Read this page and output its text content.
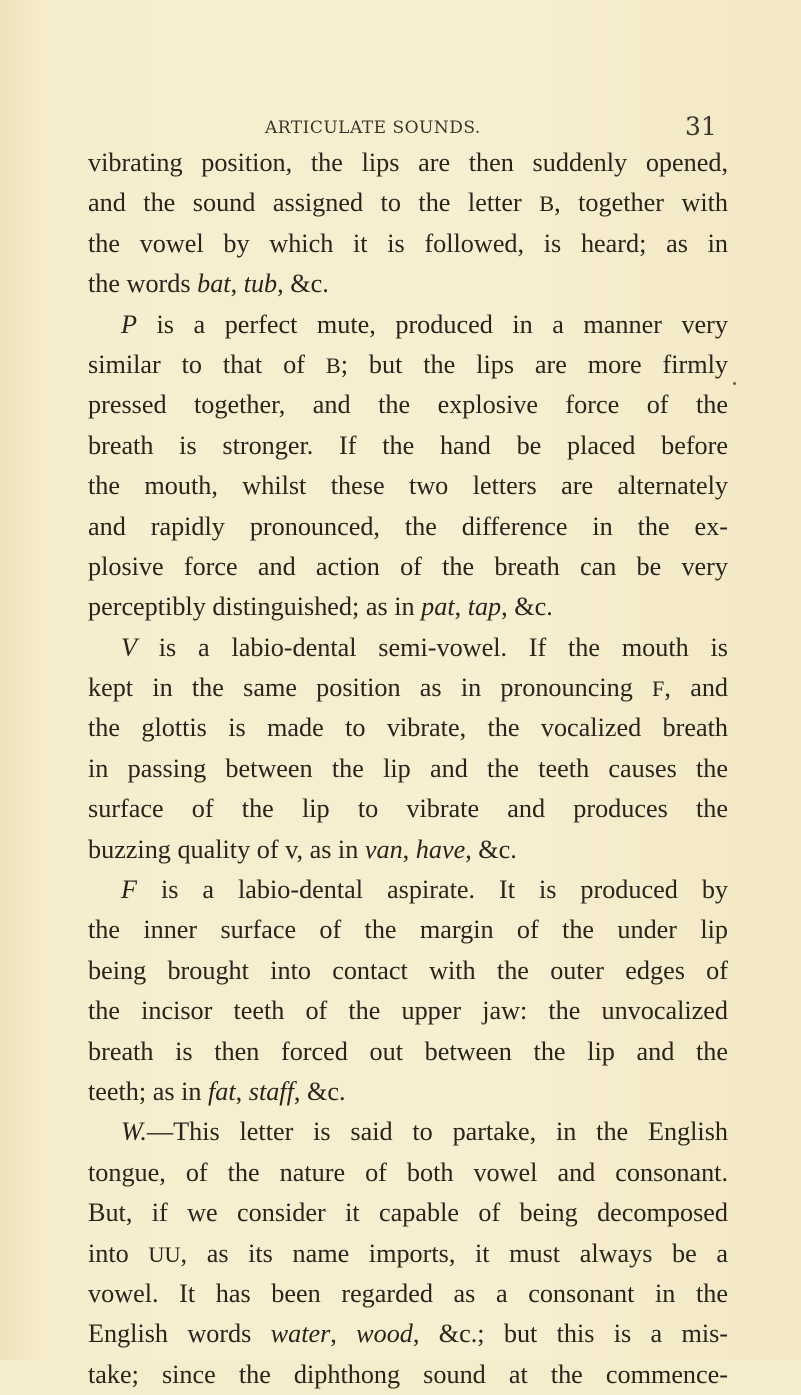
ARTICULATE SOUNDS.	31
vibrating position, the lips are then suddenly opened,
and the sound assigned to the letter B, together with
the vowel by which it is followed, is heard; as in
the words bat, tub, &c.
P is a perfect mute, produced in a manner very
similar to that of B; but the lips are more firmly
pressed together, and the explosive force of the
breath is stronger. If the hand be placed before
the mouth, whilst these two letters are alternately
and rapidly pronounced, the difference in the ex-
plosive force and action of the breath can be very
perceptibly distinguished; as in pat, tap, &c.
V is a labio-dental semi-vowel. If the mouth is
kept in the same position as in pronouncing F, and
the glottis is made to vibrate, the vocalized breath
in passing between the lip and the teeth causes the
surface of the lip to vibrate and produces the
buzzing quality of v, as in van, have, &c.
F is a labio-dental aspirate. It is produced by
the inner surface of the margin of the under lip
being brought into contact with the outer edges of
the incisor teeth of the upper jaw: the unvocalized
breath is then forced out between the lip and the
teeth; as in fat, staff, &c.
W.—This letter is said to partake, in the English
tongue, of the nature of both vowel and consonant.
But, if we consider it capable of being decomposed
into UU, as its name imports, it must always be a
vowel. It has been regarded as a consonant in the
English words water, wood, &c.; but this is a mis-
take; since the diphthong sound at the commence-
